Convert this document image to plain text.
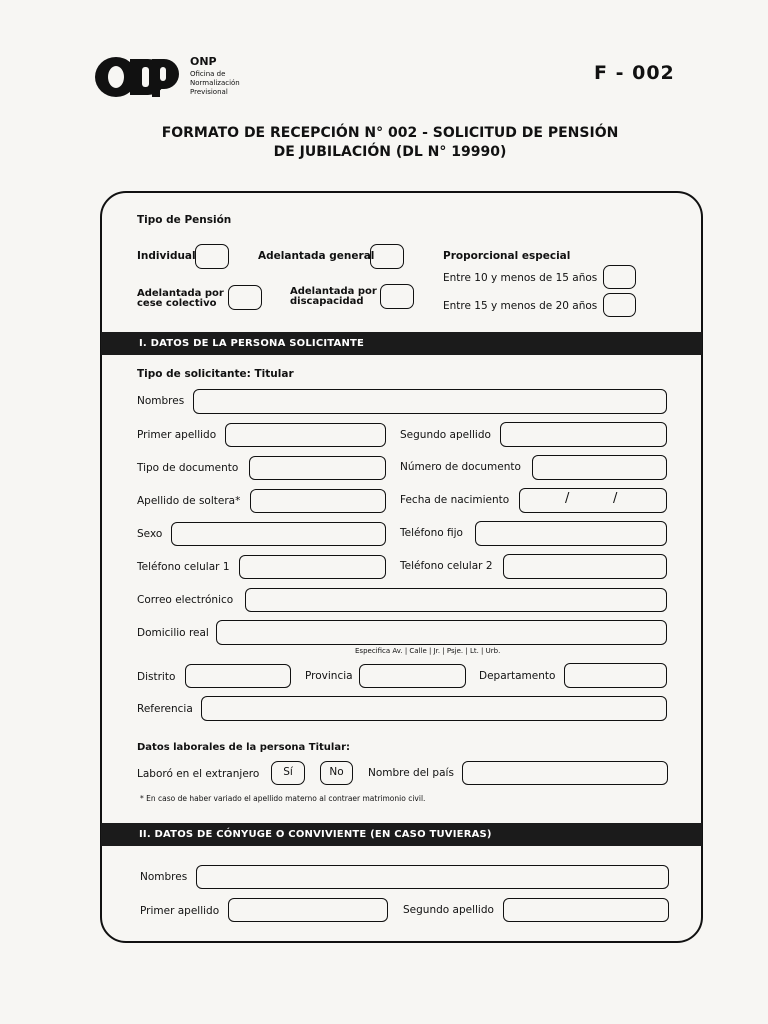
ONP
Oficina de
Normalización
Previsional
F - 002
FORMATO DE RECEPCIÓN N° 002 - SOLICITUD DE PENSIÓN
DE JUBILACIÓN (DL N° 19990)
Tipo de Pensión
Individual	Adelantada general	Proporcional especial
Entre 10 y menos de 15 años
Entre 15 y menos de 20 años
Adelantada por
cese colectivo
Adelantada por
discapacidad
I. DATOS DE LA PERSONA SOLICITANTE
Tipo de solicitante: Titular
Nombres
Primer apellido	Segundo apellido
Tipo de documento	Número de documento
Apellido de soltera*	Fecha de nacimiento	/	/
Sexo	Teléfono fijo
Teléfono celular 1	Teléfono celular 2
Correo electrónico
Domicilio real
Especifica Av. | Calle | Jr. | Psje. | Lt. | Urb.
Distrito	Provincia	Departamento
Referencia
Datos laborales de la persona Titular:
Laboró en el extranjero	Sí	No	Nombre del país
* En caso de haber variado el apellido materno al contraer matrimonio civil.
II. DATOS DE CÓNYUGE O CONVIVIENTE (EN CASO TUVIERAS)
Nombres
Primer apellido	Segundo apellido
